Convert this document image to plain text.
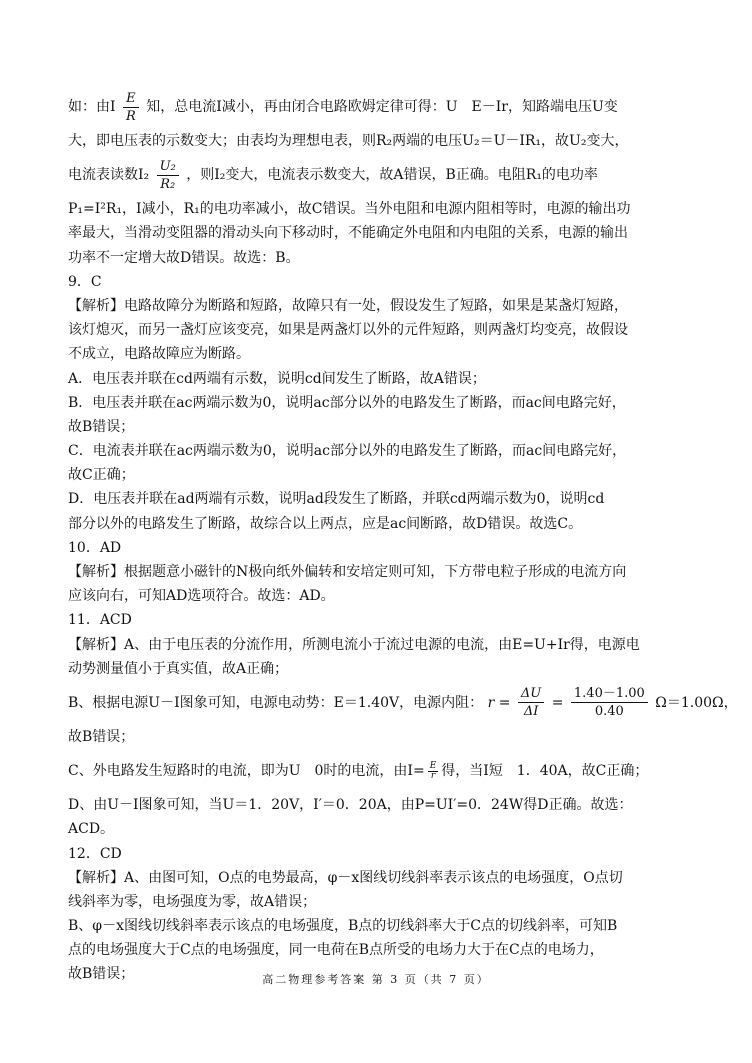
如：由I $\frac{E}{R}$ 知，总电流I减小，再由闭合电路欧姆定律可得：U　E－Ir，知路端电压U变
大，即电压表的示数变大；由表均为理想电表，则R₂两端的电压U₂＝U－IR₁，故U₂变大，
电流表读数$I_2 \frac{\text{U₂}}{\text{R₂}}$ ，则I₂变大，电流表示数变大，故A错误，B正确。电阻R₁的电功率
P₁=I²R₁，I减小，R₁的电功率减小，故C错误。当外电阻和电源内阻相等时，电源的输出功
率最大，当滑动变阻器的滑动头向下移动时，不能确定外电阻和内电阻的关系，电源的输出
功率不一定增大故D错误。故选：B。
9．C
【解析】电路故障分为断路和短路，故障只有一处，假设发生了短路，如果是某盏灯短路，
该灯熄灭，而另一盏灯应该变亮，如果是两盏灯以外的元件短路，则两盏灯均变亮，故假设
不成立，电路故障应为断路。
A．电压表并联在cd两端有示数，说明cd间发生了断路，故A错误；
B．电压表并联在ac两端示数为0，说明ac部分以外的电路发生了断路，而ac间电路完好，
故B错误；
C．电流表并联在ac两端示数为0，说明ac部分以外的电路发生了断路，而ac间电路完好，
故C正确；
D．电压表并联在ad两端有示数，说明ad段发生了断路，并联cd两端示数为0，说明cd
部分以外的电路发生了断路，故综合以上两点，应是ac间断路，故D错误。故选C。
10．AD
【解析】根据题意小磁针的N极向纸外偏转和安培定则可知，下方带电粒子形成的电流方向
应该向右，可知AD选项符合。故选：AD。
11．ACD
【解析】A、由于电压表的分流作用，所测电流小于流过电源的电流，由E=U+Ir得，电源电
动势测量值小于真实值，故A正确；
B、根据电源U－I图象可知，电源电动势：E＝1.40V，电源内阻： $r = \frac{\Delta U}{\Delta I} = \frac{1.40-1.00}{0.40} \Omega=1.00\Omega$，
故B错误；
C、外电路发生短路时的电流，即为U　0时的电流，由$I= \frac{E}{r}$ 得，当I短　1．40A，故C正确；
D、由U－I图象可知，当U＝1．20V，I′＝0．20A，由P=UI′=0．24W得D正确。故选：
ACD。
12．CD
【解析】A、由图可知，O点的电势最高，φ－x图线切线斜率表示该点的电场强度，O点切
线斜率为零，电场强度为零，故A错误；
B、φ－x图线切线斜率表示该点的电场强度，B点的切线斜率大于C点的切线斜率，可知B
点的电场强度大于C点的电场强度，同一电荷在B点所受的电场力大于在C点的电场力，
故B错误；	高二物理参考答案 第 3 页（共 7 页）
